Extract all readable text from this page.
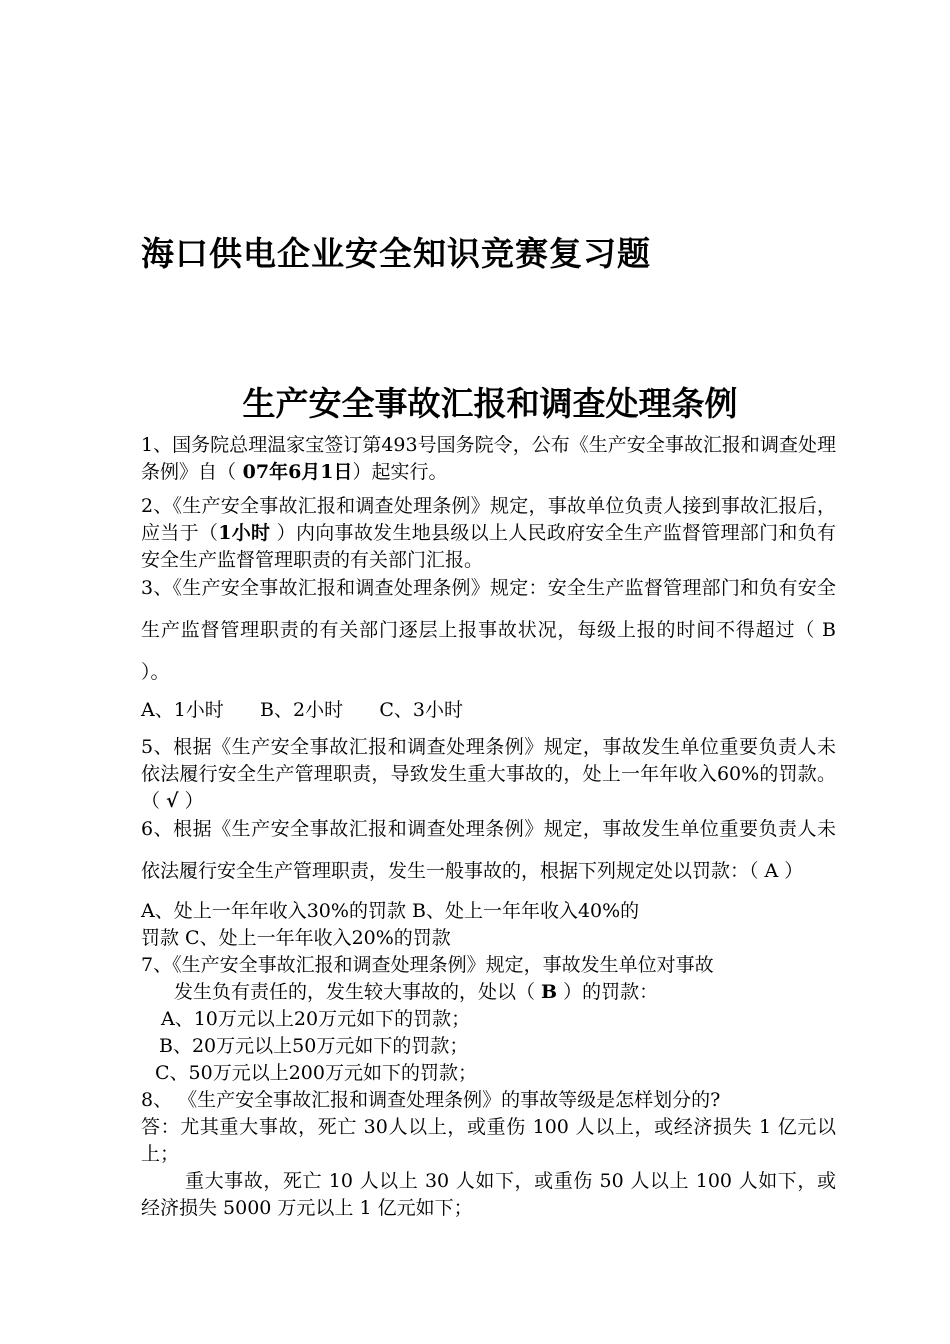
海口供电企业安全知识竞赛复习题
生产安全事故汇报和调查处理条例

1、国务院总理温家宝签订第493号国务院令，公布《生产安全事故汇报和调查处理条例》自（ 07年6月1日）起实行。

2、《生产安全事故汇报和调查处理条例》规定，事故单位负责人接到事故汇报后，应当于（1小时 ）内向事故发生地县级以上人民政府安全生产监督管理部门和负有安全生产监督管理职责的有关部门汇报。

3、《生产安全事故汇报和调查处理条例》规定：安全生产监督管理部门和负有安全生产监督管理职责的有关部门逐层上报事故状况，每级上报的时间不得超过（ B ）。

A、1小时      B、2小时      C、3小时

5、根据《生产安全事故汇报和调查处理条例》规定，事故发生单位重要负责人未依法履行安全生产管理职责，导致发生重大事故的，处上一年年收入60%的罚款。（ √ ）

6、根据《生产安全事故汇报和调查处理条例》规定，事故发生单位重要负责人未依法履行安全生产管理职责，发生一般事故的，根据下列规定处以罚款：（ A ）

A、处上一年年收入30%的罚款 B、处上一年年收入40%的

罚款 C、处上一年年收入20%的罚款

7、《生产安全事故汇报和调查处理条例》规定，事故发生单位对事故

发生负有责任的，发生较大事故的，处以（ B ）的罚款：

A、10万元以上20万元如下的罚款；

B、20万元以上50万元如下的罚款；

C、50万元以上200万元如下的罚款；

8、 《生产安全事故汇报和调查处理条例》的事故等级是怎样划分的?

答：尤其重大事故，死亡 30人以上，或重伤 100 人以上，或经济损失 1 亿元以上；

重大事故，死亡 10 人以上 30 人如下，或重伤 50 人以上 100 人如下，或经济损失 5000 万元以上 1 亿元如下；
